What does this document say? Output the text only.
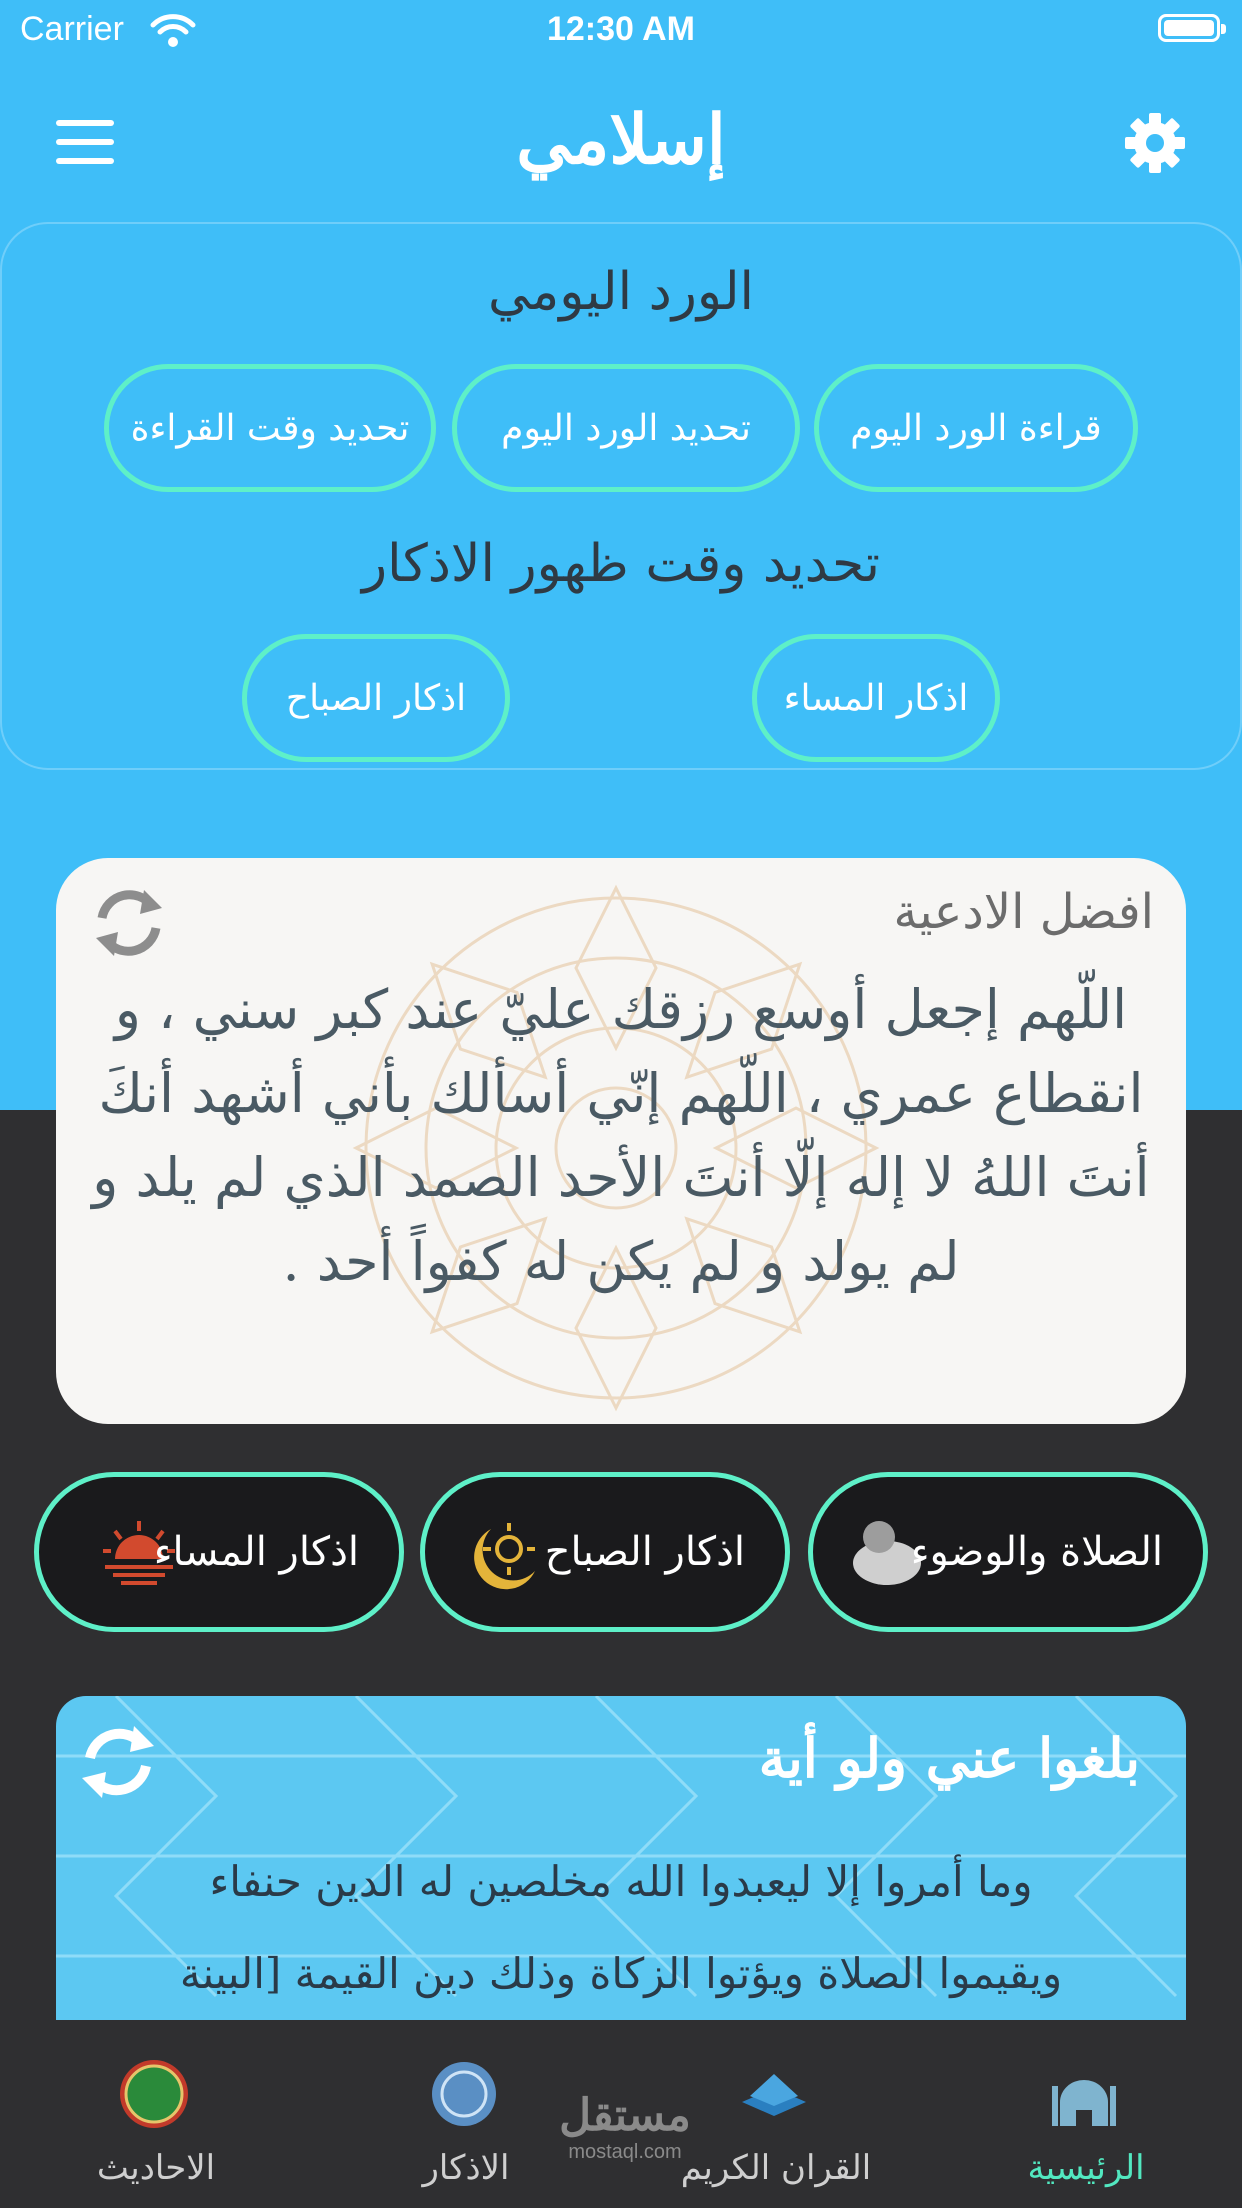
Carrier	12:30 AM
إسلامي
الورد اليومي
قراءة الورد اليوم
تحديد الورد اليوم
تحديد وقت القراءة
تحديد وقت ظهور الاذكار
اذكار المساء
اذكار الصباح
افضل الادعية
اللّهم إجعل أوسع رزقك عليّ عند كبر سني ، و انقطاع عمري ، اللّهم إنّي أسألك بأني أشهد أنكَ أنتَ اللهُ لا إله إلّا أنتَ الأحد الصمد الذي لم يلد و لم يولد و لم يكن له كفواً أحد .
الصلاة والوضوء
اذكار الصباح
اذكار المساء
بلغوا عني ولو أية
وما أمروا إلا ليعبدوا الله مخلصين له الدين حنفاء
ويقيموا الصلاة ويؤتوا الزكاة وذلك دين القيمة [البينة
الرئيسية
القران الكريم
الاذكار
الاحاديث
مستقل
mostaql.com
